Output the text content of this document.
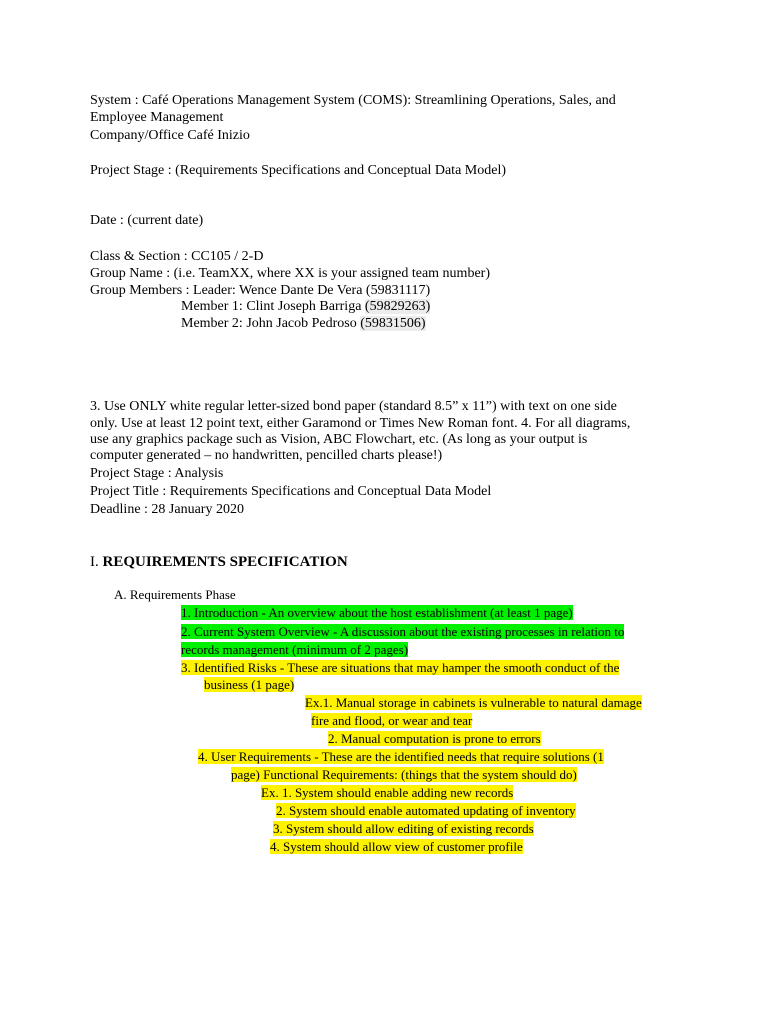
System : Café Operations Management System (COMS): Streamlining Operations, Sales, and
Employee Management
Company/Office Café Inizio
Project Stage : (Requirements Specifications and Conceptual Data Model)
Date : (current date)
Class & Section : CC105 / 2-D
Group Name : (i.e. TeamXX, where XX is your assigned team number)
Group Members : Leader: Wence Dante De Vera (59831117)
Member 1: Clint Joseph Barriga (59829263)
Member 2: John Jacob Pedroso (59831506)
3. Use ONLY white regular letter-sized bond paper (standard 8.5” x 11”) with text on one side
only. Use at least 12 point text, either Garamond or Times New Roman font. 4. For all diagrams,
use any graphics package such as Vision, ABC Flowchart, etc. (As long as your output is
computer generated – no handwritten, pencilled charts please!)
Project Stage : Analysis
Project Title : Requirements Specifications and Conceptual Data Model
Deadline : 28 January 2020
I. REQUIREMENTS SPECIFICATION
A. Requirements Phase
1. Introduction - An overview about the host establishment (at least 1 page)
2. Current System Overview - A discussion about the existing processes in relation to
records management (minimum of 2 pages)
3. Identified Risks - These are situations that may hamper the smooth conduct of the
business (1 page)
Ex.1. Manual storage in cabinets is vulnerable to natural damage
fire and flood, or wear and tear
2. Manual computation is prone to errors
4. User Requirements - These are the identified needs that require solutions (1
page) Functional Requirements: (things that the system should do)
Ex. 1. System should enable adding new records
2. System should enable automated updating of inventory
3. System should allow editing of existing records
4. System should allow view of customer profile
